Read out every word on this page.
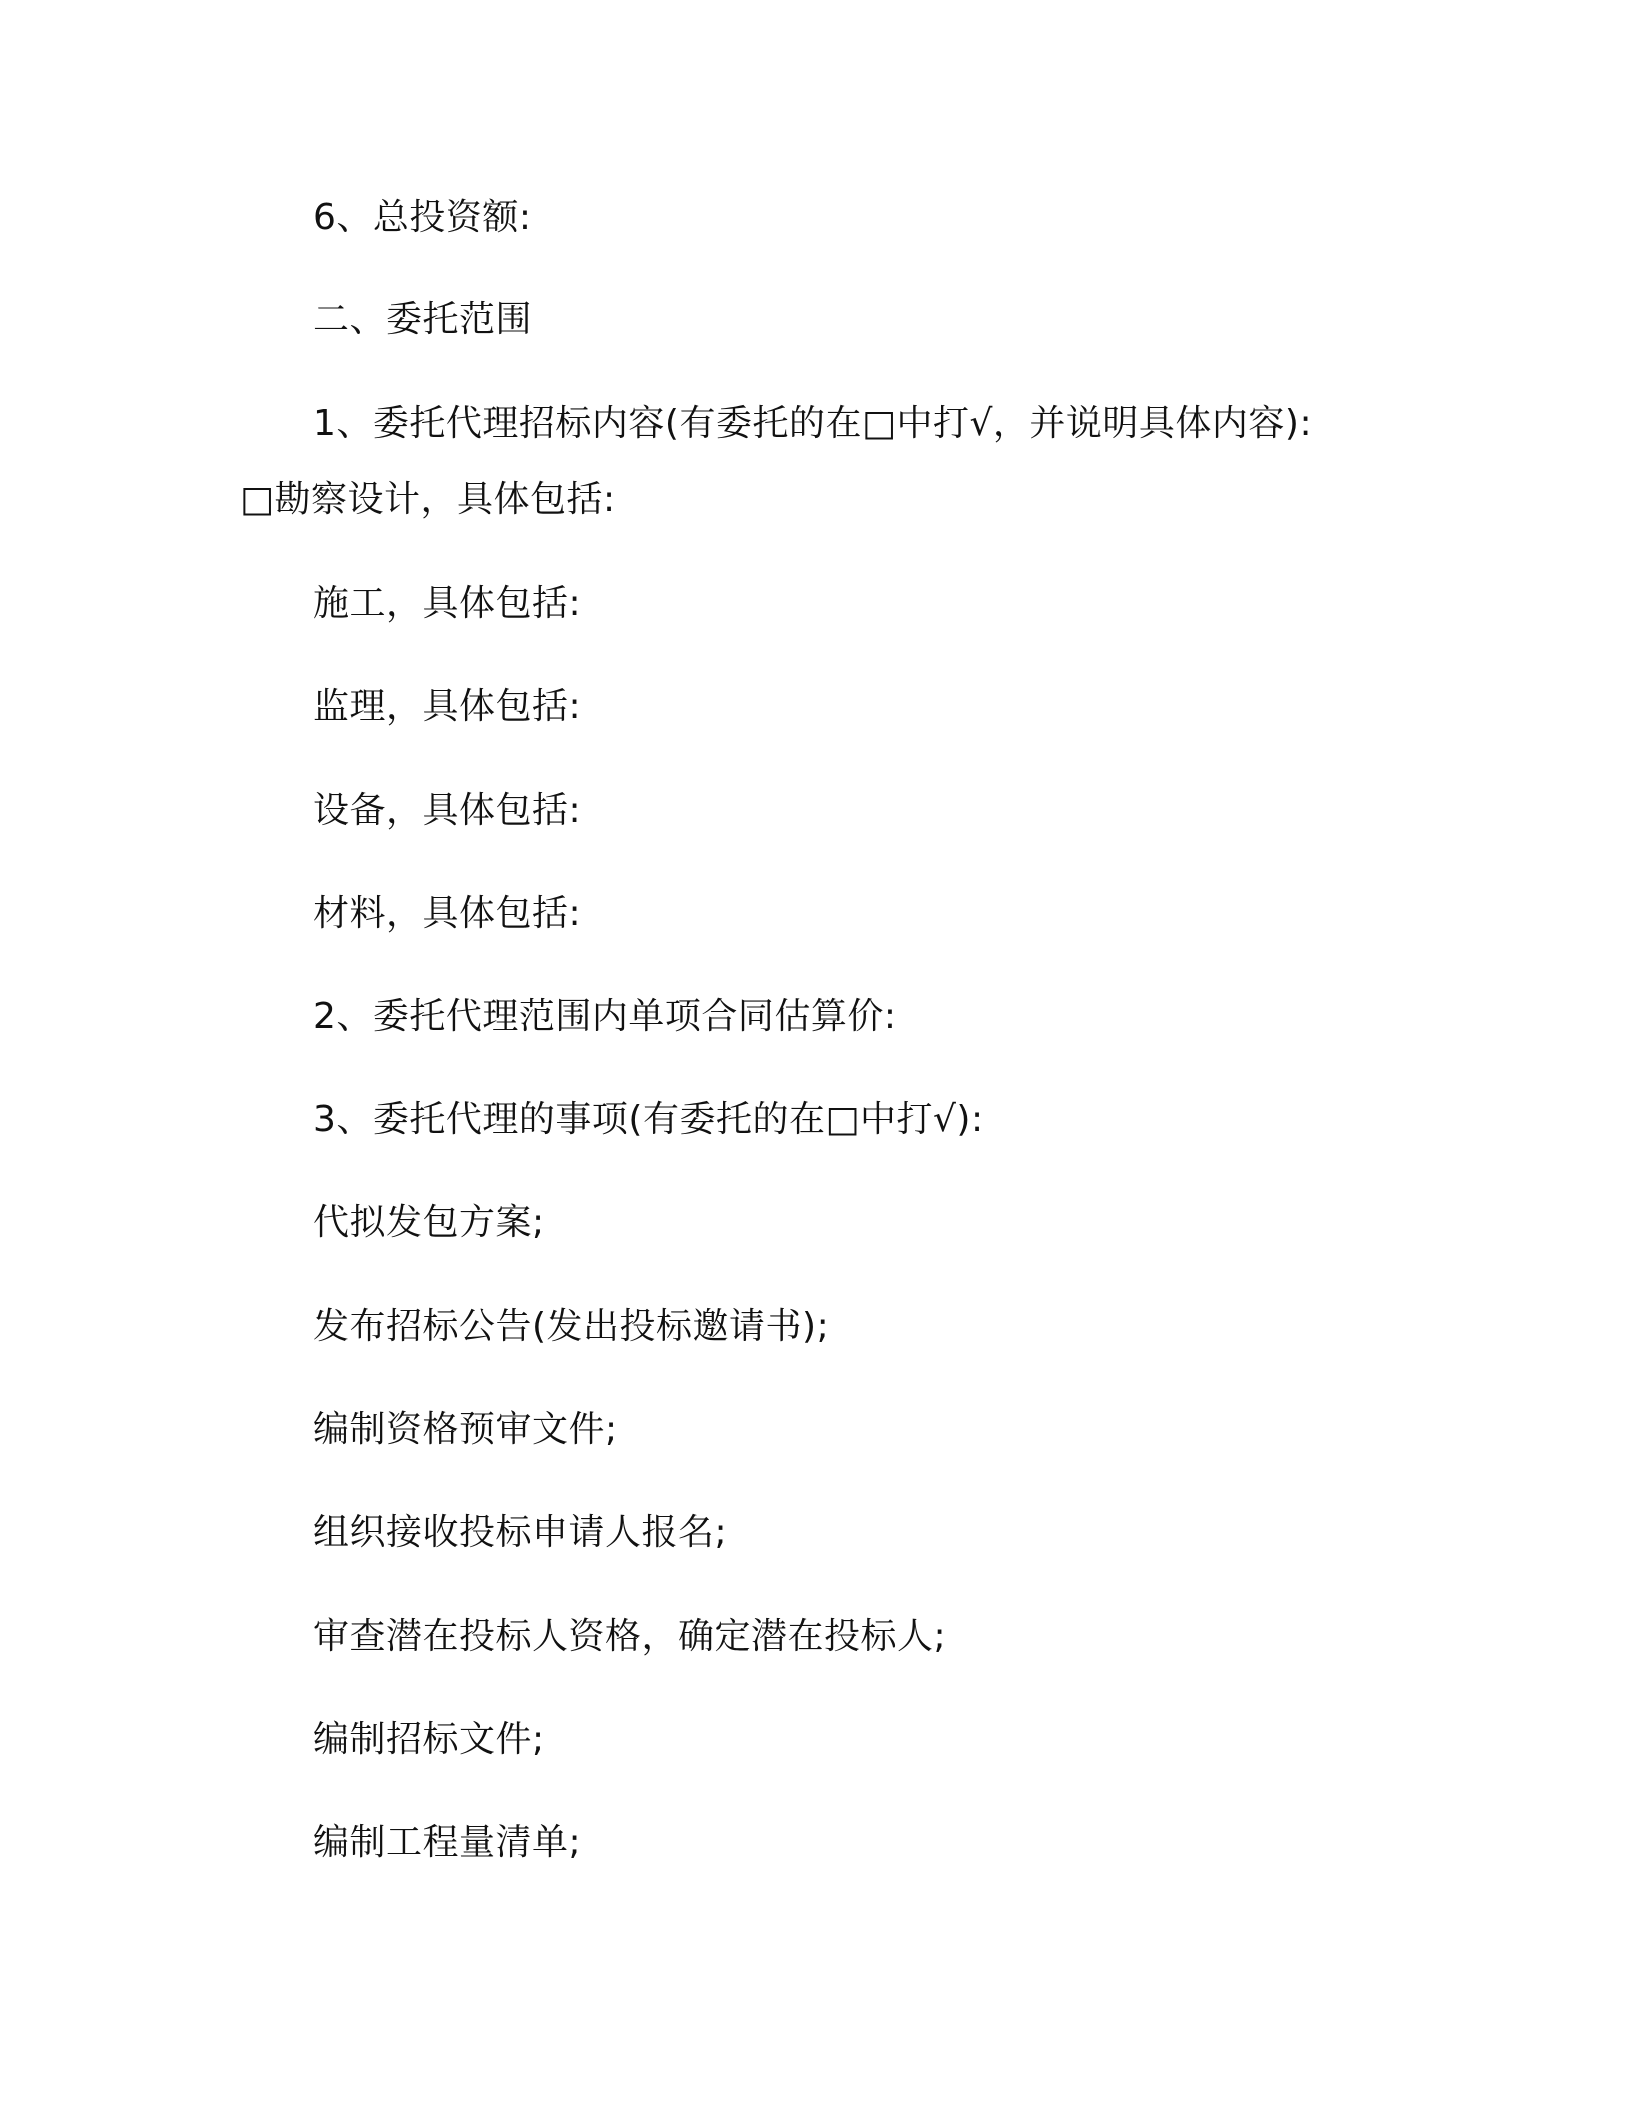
6、总投资额:
二、委托范围
1、委托代理招标内容(有委托的在□中打√，并说明具体内容):
□勘察设计，具体包括:
施工，具体包括:
监理，具体包括:
设备，具体包括:
材料，具体包括:
2、委托代理范围内单项合同估算价:
3、委托代理的事项(有委托的在□中打√):
代拟发包方案;
发布招标公告(发出投标邀请书);
编制资格预审文件;
组织接收投标申请人报名;
审查潜在投标人资格，确定潜在投标人;
编制招标文件;
编制工程量清单;
